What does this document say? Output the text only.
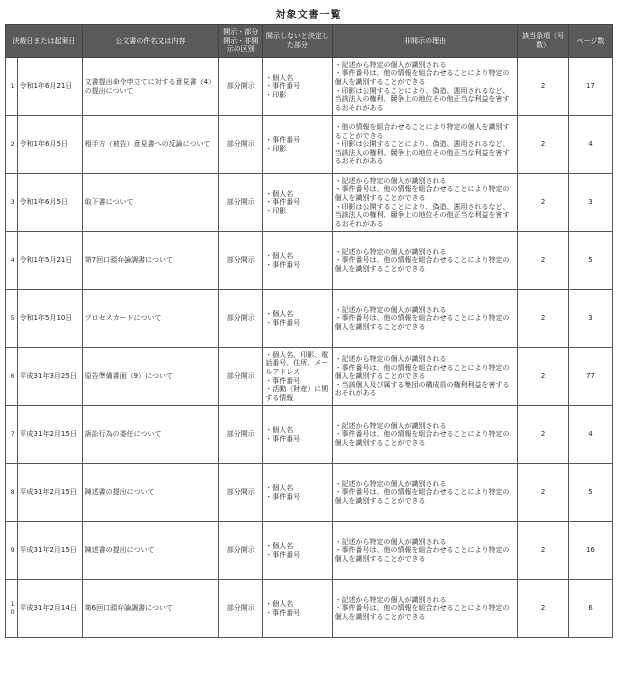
対象文書一覧
決裁日または起案日		公文書の件名又は内容	開示・部分開示・非開示の区別	開示しないと決定した部分	非開示の理由	該当条項（号数）	ページ数
1	令和1年6月21日	文書提出命令申立てに対する意見書（4）の提出について	部分開示	・個人名
・事件番号
・印影	・記述から特定の個人が識別される
・事件番号は、他の情報を組合わせることにより特定の個人を識別することができる
・印影は公開することにより、偽造、悪用されるなど、当該法人の権利、競争上の地位その他正当な利益を害するおそれがある	2	17
2	令和1年6月5日	相手方（被告）意見書への反論について	部分開示	・事件番号
・印影	・他の情報を組合わせることにより特定の個人を識別することができる
・印影は公開することにより、偽造、悪用されるなど、当該法人の権利、競争上の地位その他正当な利益を害するおそれがある	2	4
3	令和1年6月5日	取下書について	部分開示	・個人名
・事件番号
・印影	・記述から特定の個人が識別される
・事件番号は、他の情報を組合わせることにより特定の個人を識別することができる
・印影は公開することにより、偽造、悪用されるなど、当該法人の権利、競争上の地位その他正当な利益を害するおそれがある	2	3
4	令和1年5月21日	第7回口頭弁論調書について	部分開示	・個人名
・事件番号	・記述から特定の個人が識別される
・事件番号は、他の情報を組合わせることにより特定の個人を識別することができる	2	5
5	令和1年5月10日	プロセスカードについて	部分開示	・個人名
・事件番号	・記述から特定の個人が識別される
・事件番号は、他の情報を組合わせることにより特定の個人を識別することができる	2	3
6	平成31年3月25日	原告準備書面（9）について	部分開示	・個人名、印影、電話番号、住所、メールアドレス
・事件番号
・活動（財産）に関する情報	・記述から特定の個人が識別される
・事件番号は、他の情報を組合わせることにより特定の個人を識別することができる
・当該個人及び属する集団の構成員の権利利益を害するおそれがある	2	77
7	平成31年2月15日	訴訟行為の委任について	部分開示	・個人名
・事件番号	・記述から特定の個人が識別される
・事件番号は、他の情報を組合わせることにより特定の個人を識別することができる	2	4
8	平成31年2月15日	陳述書の提出について	部分開示	・個人名
・事件番号	・記述から特定の個人が識別される
・事件番号は、他の情報を組合わせることにより特定の個人を識別することができる	2	5
9	平成31年2月15日	陳述書の提出について	部分開示	・個人名
・事件番号	・記述から特定の個人が識別される
・事件番号は、他の情報を組合わせることにより特定の個人を識別することができる	2	16
10	平成31年2月14日	第6回口頭弁論調書について	部分開示	・個人名
・事件番号	・記述から特定の個人が識別される
・事件番号は、他の情報を組合わせることにより特定の個人を識別することができる	2	6
